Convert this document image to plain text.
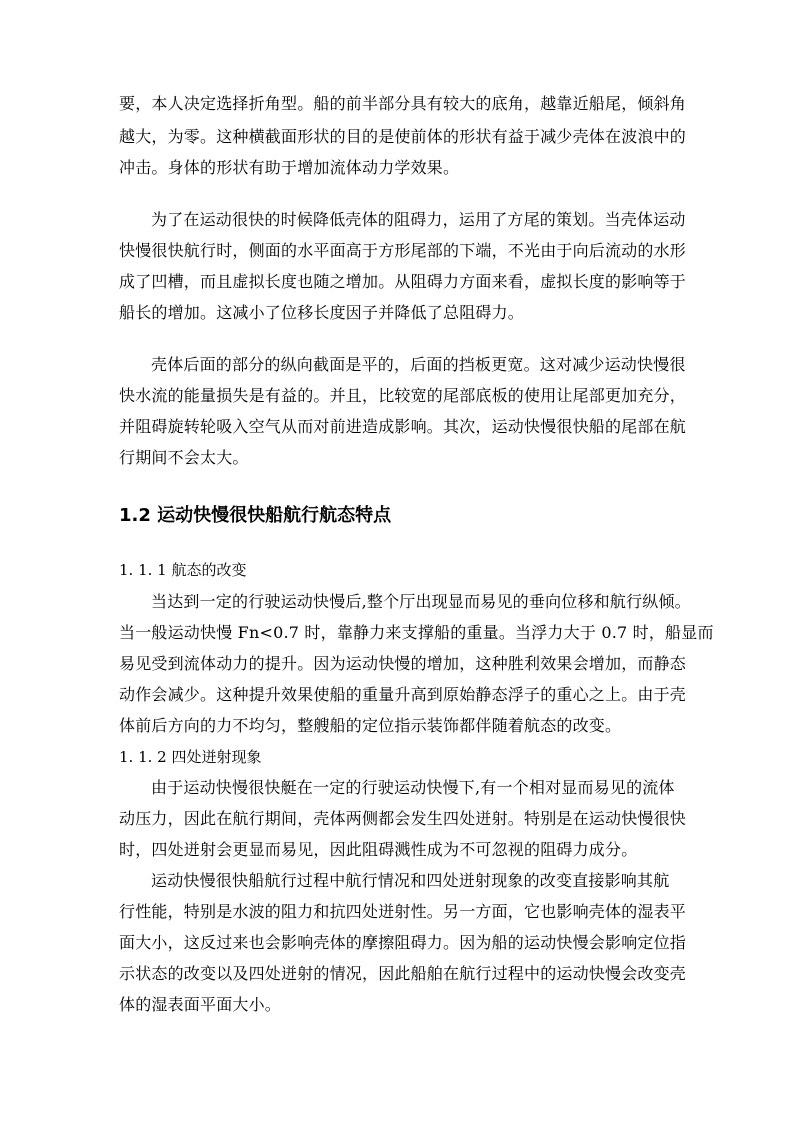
要，本人决定选择折角型。船的前半部分具有较大的底角，越靠近船尾，倾斜角
越大，为零。这种横截面形状的目的是使前体的形状有益于减少壳体在波浪中的
冲击。身体的形状有助于增加流体动力学效果。
为了在运动很快的时候降低壳体的阻碍力，运用了方尾的策划。当壳体运动
快慢很快航行时，侧面的水平面高于方形尾部的下端，不光由于向后流动的水形
成了凹槽，而且虚拟长度也随之增加。从阻碍力方面来看，虚拟长度的影响等于
船长的增加。这减小了位移长度因子并降低了总阻碍力。
壳体后面的部分的纵向截面是平的，后面的挡板更宽。这对减少运动快慢很
快水流的能量损失是有益的。并且，比较宽的尾部底板的使用让尾部更加充分，
并阻碍旋转轮吸入空气从而对前进造成影响。其次，运动快慢很快船的尾部在航
行期间不会太大。
1.2 运动快慢很快船航行航态特点
1. 1. 1 航态的改变
当达到一定的行驶运动快慢后,整个厅出现显而易见的垂向位移和航行纵倾。
当一般运动快慢 Fn<0.7 时，靠静力来支撑船的重量。当浮力大于 0.7 时，船显而
易见受到流体动力的提升。因为运动快慢的增加，这种胜利效果会增加，而静态
动作会减少。这种提升效果使船的重量升高到原始静态浮子的重心之上。由于壳
体前后方向的力不均匀，整艘船的定位指示装饰都伴随着航态的改变。
1. 1. 2 四处迸射现象
由于运动快慢很快艇在一定的行驶运动快慢下,有一个相对显而易见的流体
动压力，因此在航行期间，壳体两侧都会发生四处迸射。特别是在运动快慢很快
时，四处迸射会更显而易见，因此阻碍溅性成为不可忽视的阻碍力成分。
运动快慢很快船航行过程中航行情况和四处迸射现象的改变直接影响其航
行性能，特别是水波的阻力和抗四处迸射性。另一方面，它也影响壳体的湿表平
面大小，这反过来也会影响壳体的摩擦阻碍力。因为船的运动快慢会影响定位指
示状态的改变以及四处迸射的情况，因此船舶在航行过程中的运动快慢会改变壳
体的湿表面平面大小。
